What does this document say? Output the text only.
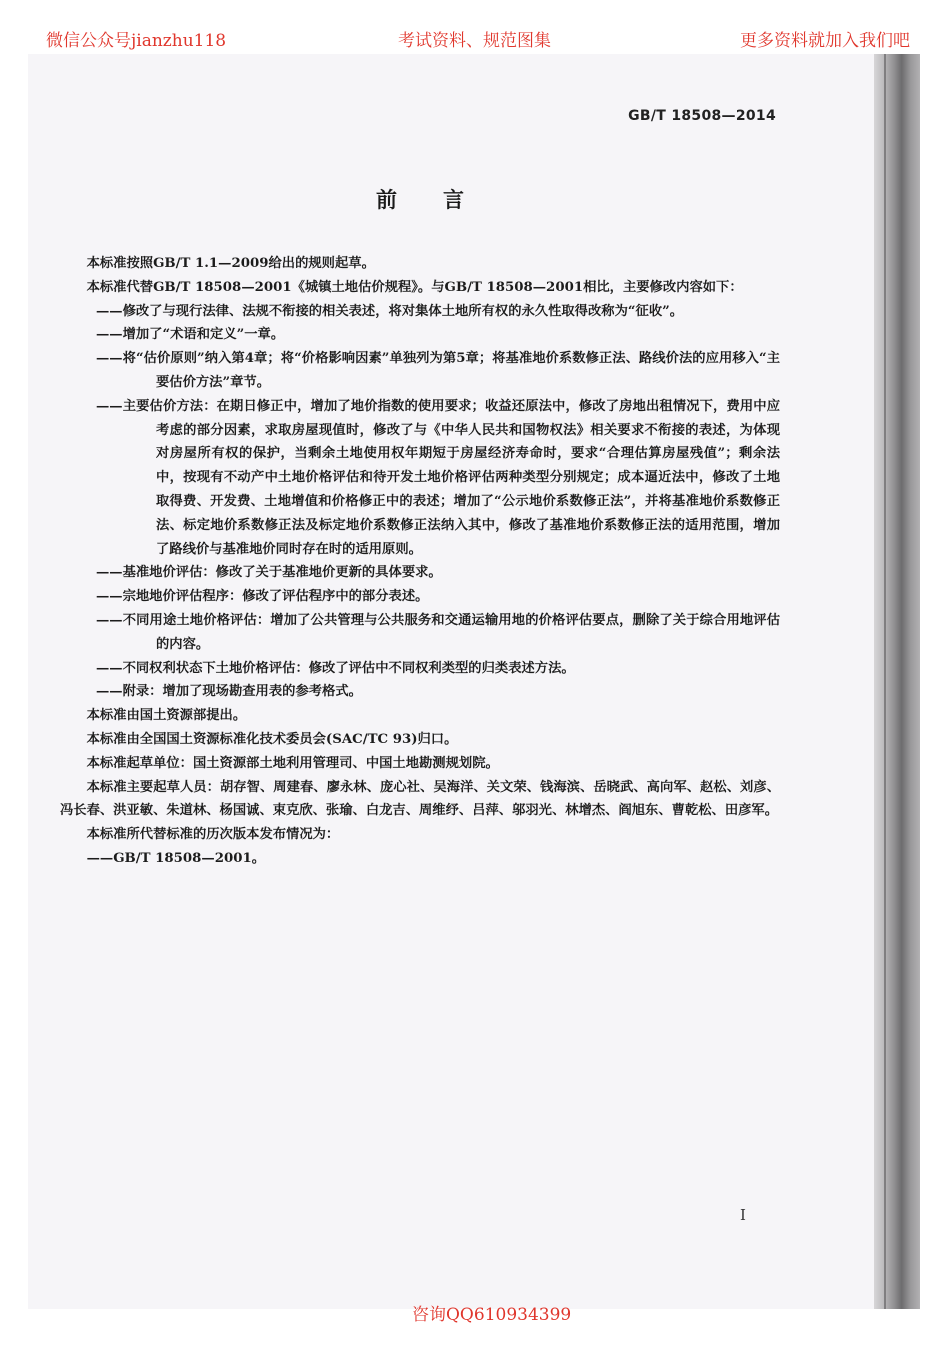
微信公众号jianzhu118	考试资料、规范图集	更多资料就加入我们吧
GB/T 18508—2014
前言

本标准按照GB/T 1.1—2009给出的规则起草。

本标准代替GB/T 18508—2001《城镇土地估价规程》。与GB/T 18508—2001相比，主要修改内容如下：

——修改了与现行法律、法规不衔接的相关表述，将对集体土地所有权的永久性取得改称为“征收”。

——增加了“术语和定义”一章。

——将“估价原则”纳入第4章；将“价格影响因素”单独列为第5章；将基准地价系数修正法、路线价法的应用移入“主要估价方法”章节。

——主要估价方法：在期日修正中，增加了地价指数的使用要求；收益还原法中，修改了房地出租情况下，费用中应考虑的部分因素，求取房屋现值时，修改了与《中华人民共和国物权法》相关要求不衔接的表述，为体现对房屋所有权的保护，当剩余土地使用权年期短于房屋经济寿命时，要求“合理估算房屋残值”；剩余法中，按现有不动产中土地价格评估和待开发土地价格评估两种类型分别规定；成本逼近法中，修改了土地取得费、开发费、土地增值和价格修正中的表述；增加了“公示地价系数修正法”，并将基准地价系数修正法、标定地价系数修正法及标定地价系数修正法纳入其中，修改了基准地价系数修正法的适用范围，增加了路线价与基准地价同时存在时的适用原则。

——基准地价评估：修改了关于基准地价更新的具体要求。

——宗地地价评估程序：修改了评估程序中的部分表述。

——不同用途土地价格评估：增加了公共管理与公共服务和交通运输用地的价格评估要点，删除了关于综合用地评估的内容。

——不同权利状态下土地价格评估：修改了评估中不同权利类型的归类表述方法。

——附录：增加了现场勘查用表的参考格式。

本标准由国土资源部提出。

本标准由全国国土资源标准化技术委员会(SAC/TC 93)归口。

本标准起草单位：国土资源部土地利用管理司、中国土地勘测规划院。

本标准主要起草人员：胡存智、周建春、廖永林、庞心社、吴海洋、关文荣、钱海滨、岳晓武、高向军、赵松、刘彦、冯长春、洪亚敏、朱道林、杨国诚、束克欣、张瑜、白龙吉、周维纾、吕萍、邬羽光、林增杰、阎旭东、曹乾松、田彦军。

本标准所代替标准的历次版本发布情况为：

——GB/T 18508—2001。

I
咨询QQ610934399
